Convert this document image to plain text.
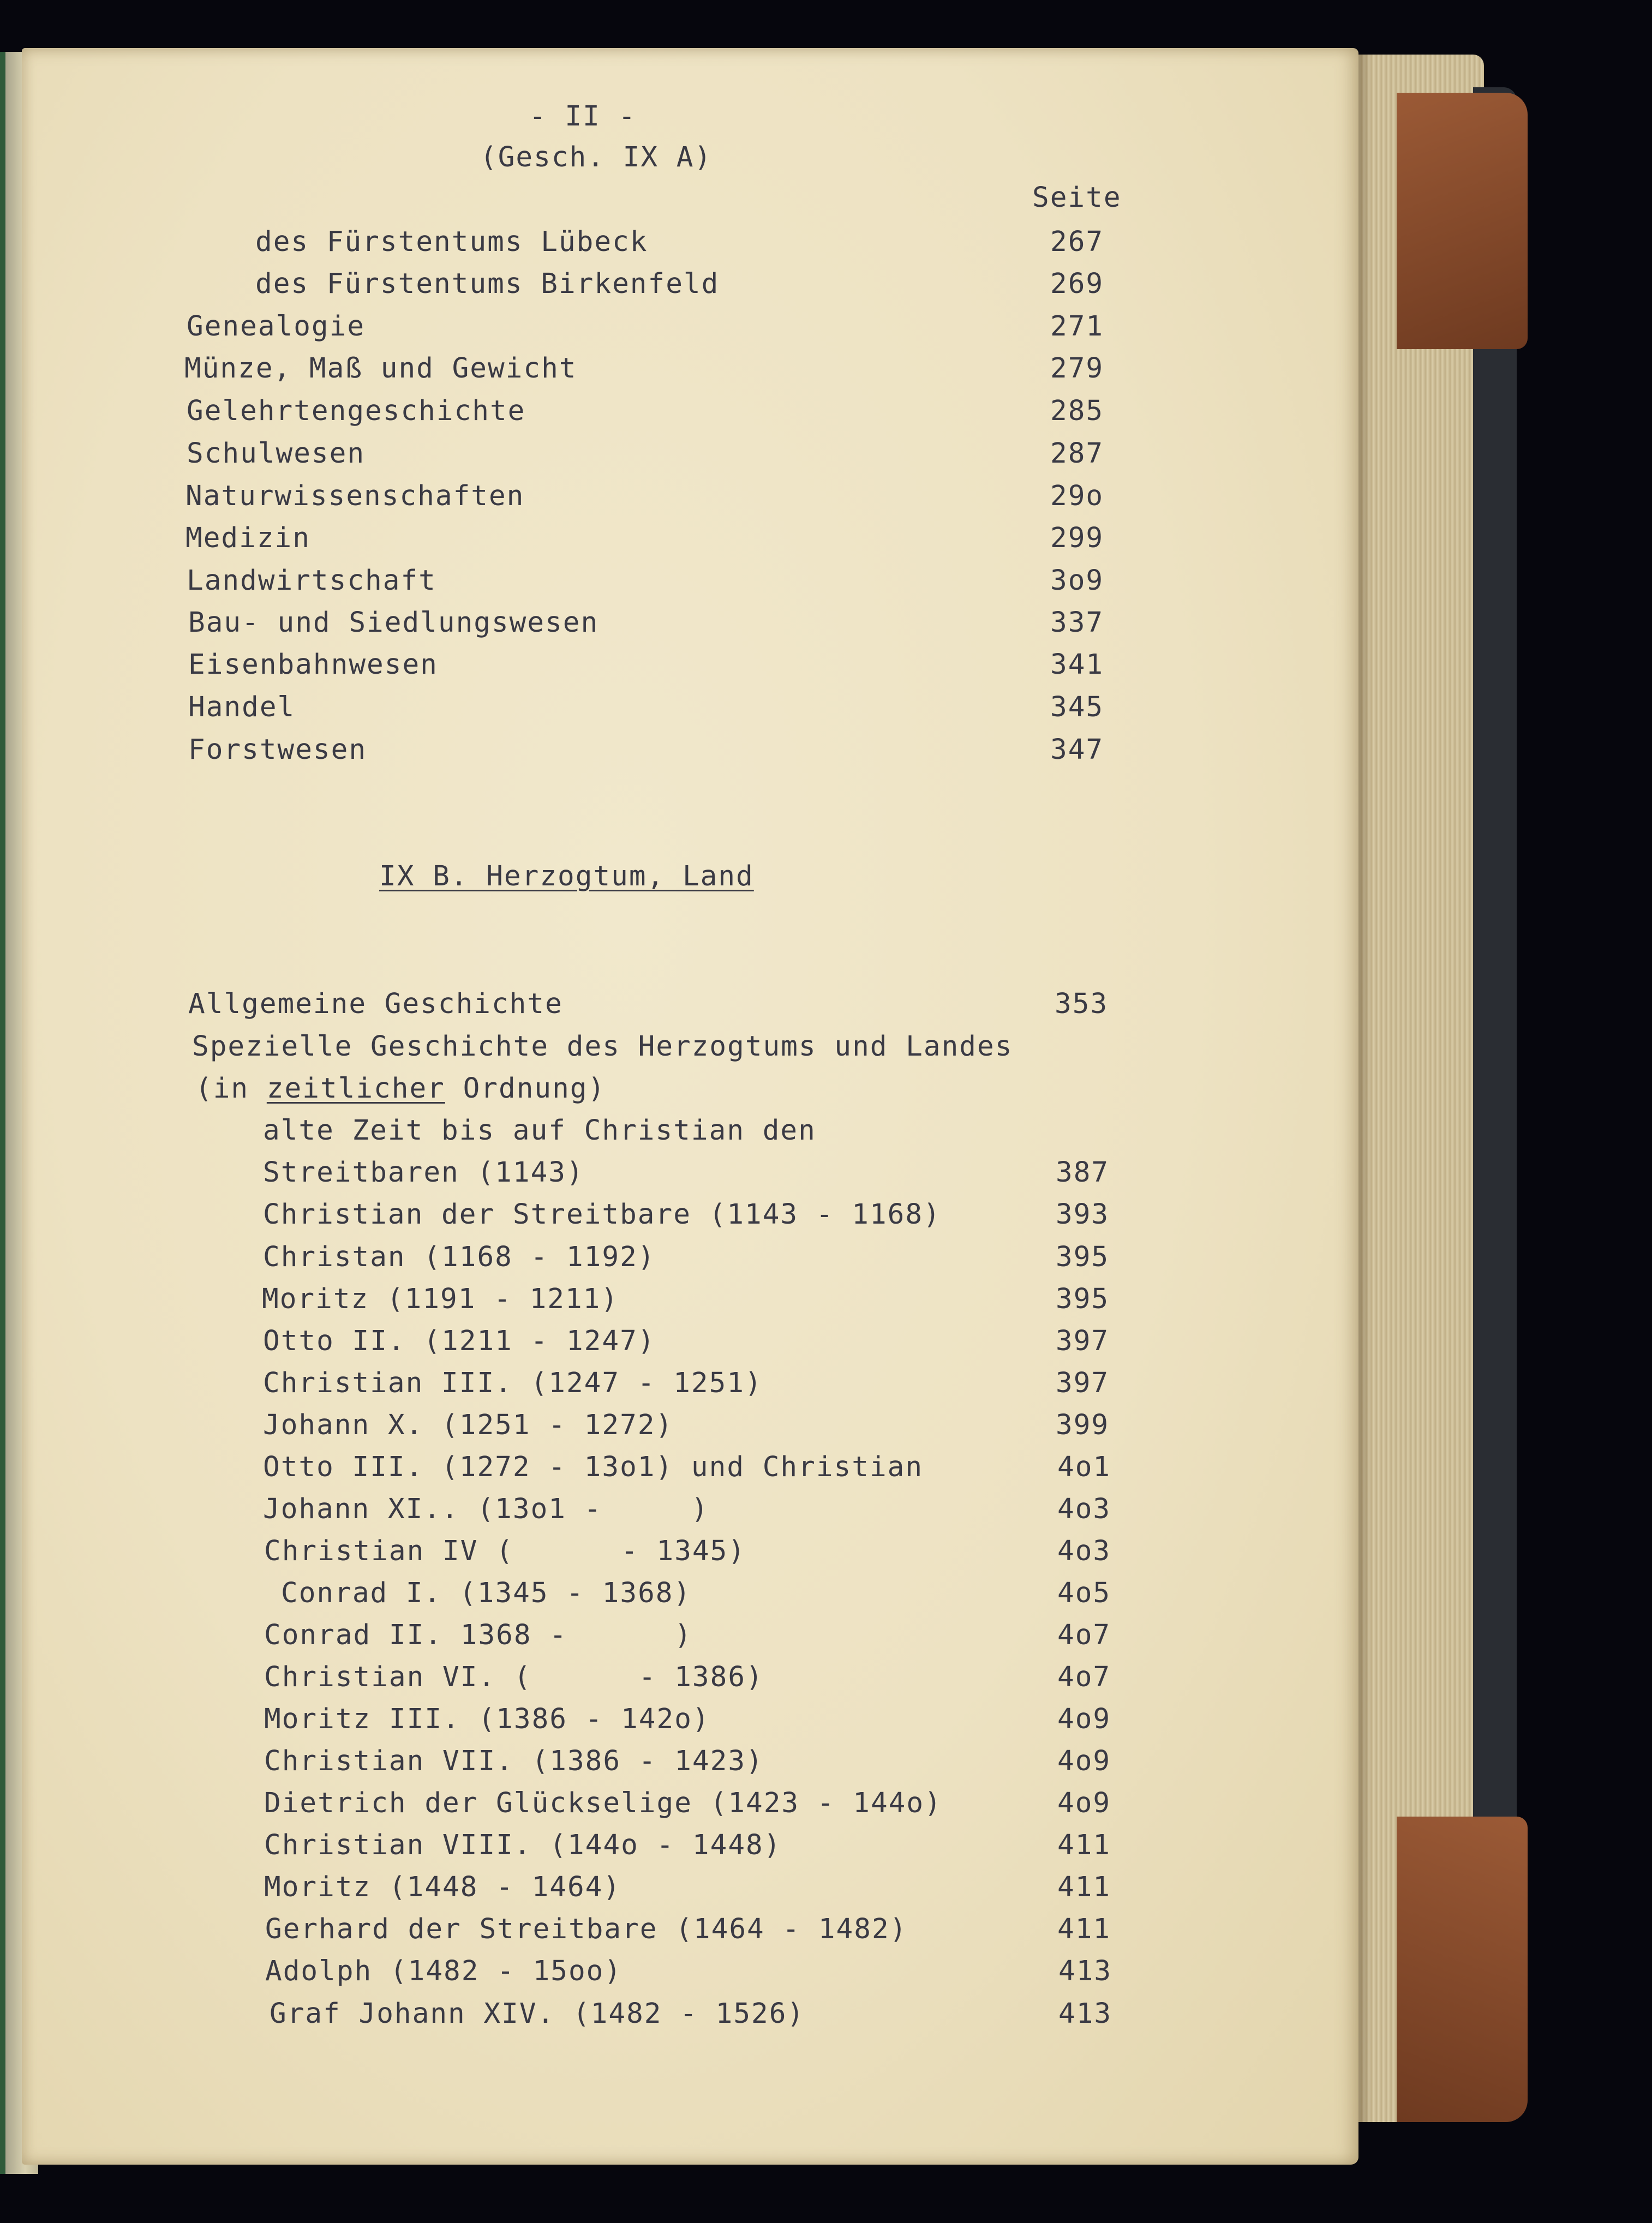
- II -
(Gesch. IX A)
Seite
des Fürstentums Lübeck	267
des Fürstentums Birkenfeld	269
Genealogie	271
Münze, Maß und Gewicht	279
Gelehrtengeschichte	285
Schulwesen	287
Naturwissenschaften	29o
Medizin	299
Landwirtschaft	3o9
Bau- und Siedlungswesen	337
Eisenbahnwesen	341
Handel	345
Forstwesen	347
IX B. Herzogtum, Land
Allgemeine Geschichte	353
Spezielle Geschichte des Herzogtums und Landes
(in zeitlicher Ordnung)
alte Zeit bis auf Christian den
Streitbaren (1143)	387
Christian der Streitbare (1143 - 1168)	393
Christan (1168 - 1192)	395
Moritz (1191 - 1211)	395
Otto II. (1211 - 1247)	397
Christian III. (1247 - 1251)	397
Johann X. (1251 - 1272)	399
Otto III. (1272 - 13o1) und Christian	4o1
Johann XI.. (13o1 -     )	4o3
Christian IV (      - 1345)	4o3
Conrad I. (1345 - 1368)	4o5
Conrad II. 1368 -      )	4o7
Christian VI. (      - 1386)	4o7
Moritz III. (1386 - 142o)	4o9
Christian VII. (1386 - 1423)	4o9
Dietrich der Glückselige (1423 - 144o)	4o9
Christian VIII. (144o - 1448)	411
Moritz (1448 - 1464)	411
Gerhard der Streitbare (1464 - 1482)	411
Adolph (1482 - 15oo)	413
Graf Johann XIV. (1482 - 1526)	413
